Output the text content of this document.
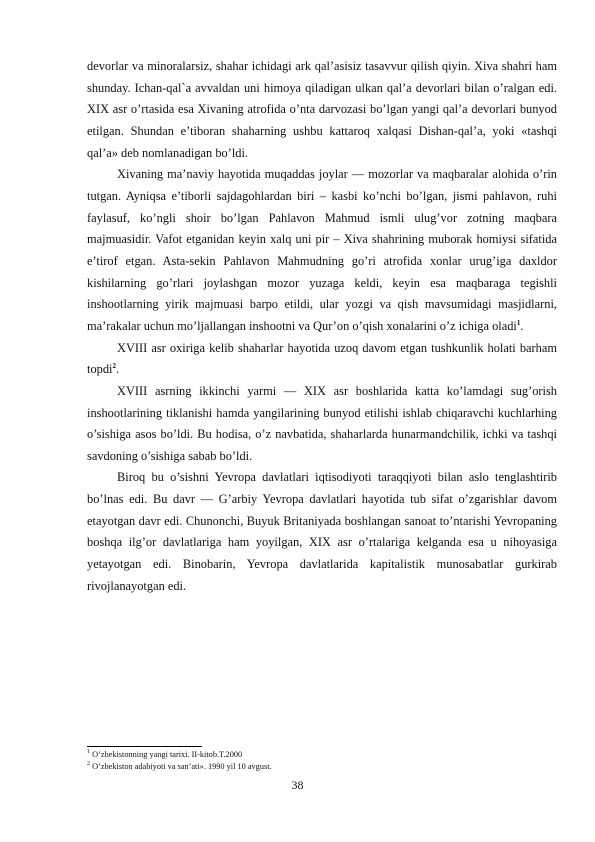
devorlar va minoralarsiz, shahar ichidagi ark qal’asisiz tasavvur qilish qiyin. Xiva shahri ham shunday. Ichan-qal`a avvaldan uni himoya qiladigan ulkan qal’a devorlari bilan o’ralgan edi. XIX asr o’rtasida esa Xivaning atrofida o’nta darvozasi bo’lgan yangi qal’a devorlari bunyod etilgan. Shundan e’tiboran shaharning ushbu kattaroq xalqasi Dishan-qal’a, yoki «tashqi qal’a» deb nomlanadigan bo’ldi.

Xivaning ma’naviy hayotida muqaddas joylar — mozorlar va maqbaralar alohida o’rin tutgan. Ayniqsa e’tiborli sajdagohlardan biri – kasbi ko’nchi bo’lgan, jismi pahlavon, ruhi faylasuf, ko’ngli shoir bo’lgan Pahlavon Mahmud ismli ulug’vor zotning maqbara majmuasidir. Vafot etganidan keyin xalq uni pir – Xiva shahrining muborak homiysi sifatida e’tirof etgan. Asta-sekin Pahlavon Mahmudning go’ri atrofida xonlar urug’iga daxldor kishilarning go’rlari joylashgan mozor yuzaga keldi, keyin esa maqbaraga tegishli inshootlarning yirik majmuasi barpo etildi, ular yozgi va qish mavsumidagi masjidlarni, ma’rakalar uchun mo’ljallangan inshootni va Qur’on o’qish xonalarini o’z ichiga oladi$^1$.

XVIII asr oxiriga kelib shaharlar hayotida uzoq davom etgan tushkunlik holati barham topdi$^2$.

XVIII asrning ikkinchi yarmi — XIX asr boshlarida katta ko’lamdagi sug’orish inshootlarining tiklanishi hamda yangilarining bunyod etilishi ishlab chiqaravchi kuchlarhing o’sishiga asos bo’ldi. Bu hodisa, o’z navbatida, shaharlarda hunarmandchilik, ichki va tashqi savdoning o’sishiga sabab bo’ldi.

Biroq bu o’sishni Yevropa davlatlari iqtisodiyoti taraqqiyoti bilan aslo tenglashtirib bo’lnas edi. Bu davr — G’arbiy Yevropa davlatlari hayotida tub sifat o’zgarishlar davom etayotgan davr edi. Chunonchi, Buyuk Britaniyada boshlangan sanoat to’ntarishi Yevropaning boshqa ilg’or davlatlariga ham yoyilgan, XIX asr o’rtalariga kelganda esa u nihoyasiga yetayotgan edi. Binobarin, Yevropa davlatlarida kapitalistik munosabatlar gurkirab rivojlanayotgan edi.

$^1$ O’zbekistonning yangi tarixi. II-kitob.T.2000
$^2$ O’zbekiston adabiyoti va san’ati». 1990 yil 10 avgust.
38
